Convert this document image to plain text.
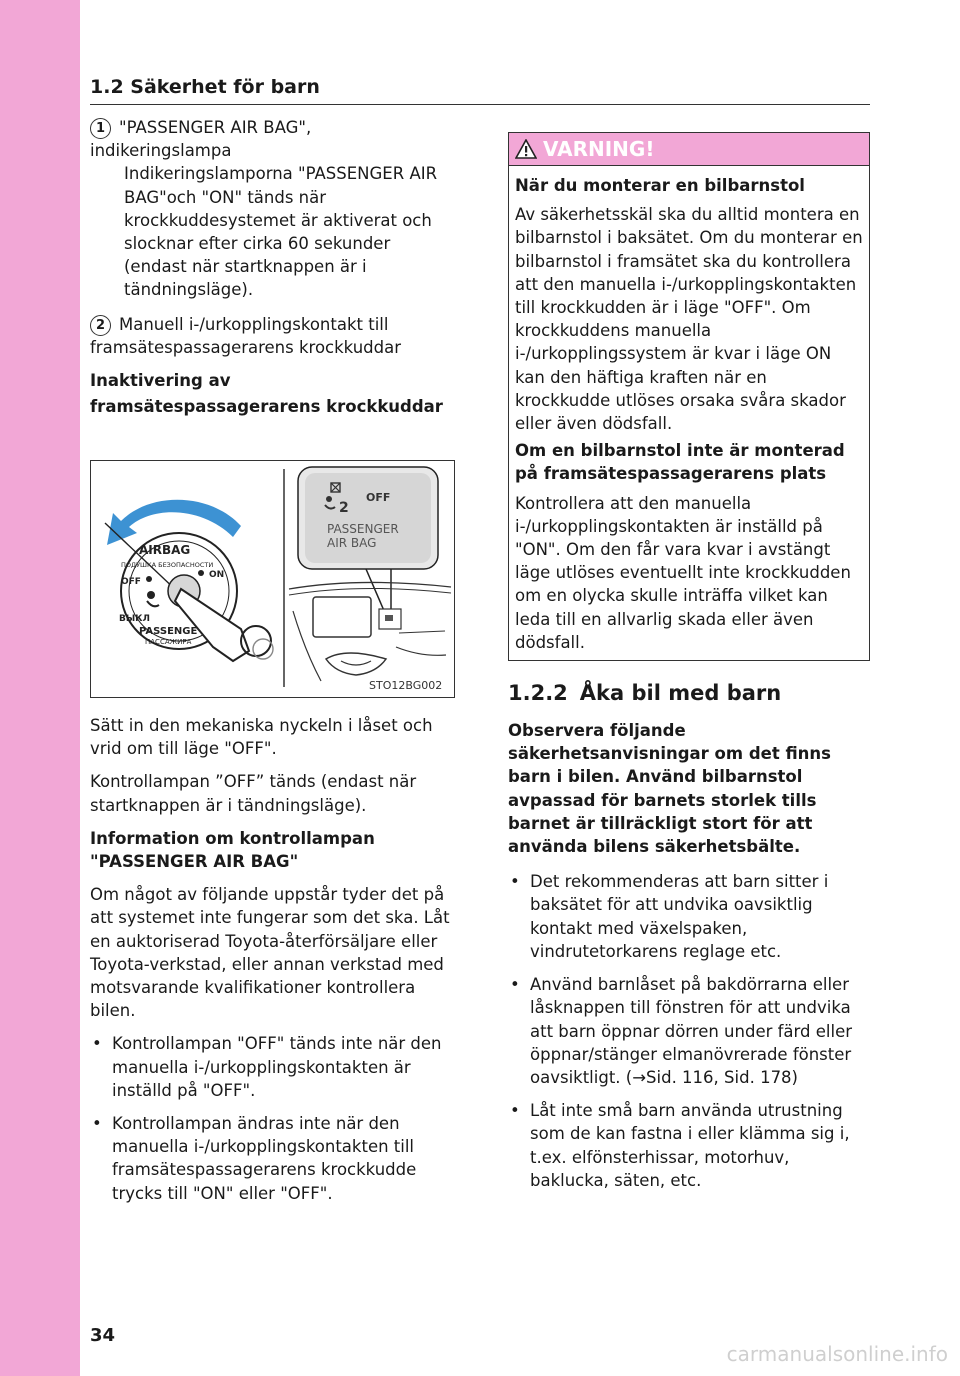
1.2 Säkerhet för barn

1 "PASSENGER AIR BAG", indikeringslampa

Indikeringslamporna "PASSENGER AIR BAG"och "ON" tänds när krockkuddesystemet är aktiverat och slocknar efter cirka 60 sekunder (endast när startknappen är i tändningsläge).

2 Manuell i-/urkopplingskontakt till framsätespassagerarens krockkuddar

Inaktivering av framsätespassagerarens krockkuddar

AIRBAG
ПОДУШКА БЕЗОПАСНОСТИ
OFF
ON
ВЫКЛ
PASSENGE
ПАССАЖИРА
2
OFF
PASSENGER
AIR BAG
STO12BG002

Sätt in den mekaniska nyckeln i låset och vrid om till läge "OFF".

Kontrollampan ”OFF” tänds (endast när startknappen är i tändningsläge).

Information om kontrollampan "PASSENGER AIR BAG"

Om något av följande uppstår tyder det på att systemet inte fungerar som det ska. Låt en auktoriserad Toyota-återförsäljare eller Toyota-verkstad, eller annan verkstad med motsvarande kvalifikationer kontrollera bilen.

• Kontrollampan "OFF" tänds inte när den manuella i-/urkopplingskontakten är inställd på "OFF".
• Kontrollampan ändras inte när den manuella i-/urkopplingskontakten till framsätespassagerarens krockkudde trycks till "ON" eller "OFF".
VARNING!

När du monterar en bilbarnstol

Av säkerhetsskäl ska du alltid montera en bilbarnstol i baksätet. Om du monterar en bilbarnstol i framsätet ska du kontrollera att den manuella i-/urkopplingskontakten till krockkudden är i läge "OFF". Om krockkuddens manuella i-/urkopplingssystem är kvar i läge ON kan den häftiga kraften när en krockkudde utlöses orsaka svåra skador eller även dödsfall.

Om en bilbarnstol inte är monterad på framsätespassagerarens plats

Kontrollera att den manuella i-/urkopplingskontakten är inställd på "ON". Om den får vara kvar i avstängt läge utlöses eventuellt inte krockkudden om en olycka skulle inträffa vilket kan leda till en allvarlig skada eller även dödsfall.

1.2.2 Åka bil med barn

Observera följande säkerhetsanvisningar om det finns barn i bilen. Använd bilbarnstol avpassad för barnets storlek tills barnet är tillräckligt stort för att använda bilens säkerhetsbälte.

• Det rekommenderas att barn sitter i baksätet för att undvika oavsiktlig kontakt med växelspaken, vindrutetorkarens reglage etc.
• Använd barnlåset på bakdörrarna eller låsknappen till fönstren för att undvika att barn öppnar dörren under färd eller öppnar/stänger elmanövrerade fönster oavsiktligt. (→Sid. 116, Sid. 178)
• Låt inte små barn använda utrustning som de kan fastna i eller klämma sig i, t.ex. elfönsterhissar, motorhuv, baklucka, säten, etc.
34
carmanualsonline.info
